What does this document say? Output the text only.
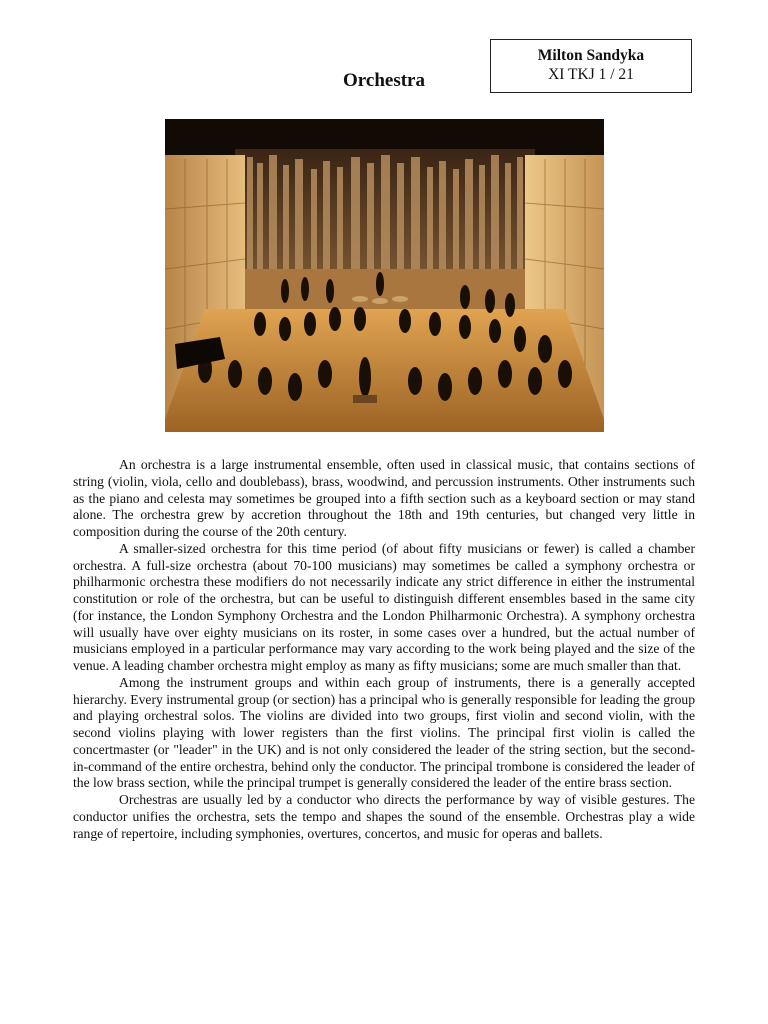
Milton Sandyka
XI TKJ 1 / 21
Orchestra

An orchestra is a large instrumental ensemble, often used in classical music, that contains sections of string (violin, viola, cello and doublebass), brass, woodwind, and percussion instruments. Other instruments such as the piano and celesta may sometimes be grouped into a fifth section such as a keyboard section or may stand alone. The orchestra grew by accretion throughout the 18th and 19th centuries, but changed very little in composition during the course of the 20th century.

A smaller-sized orchestra for this time period (of about fifty musicians or fewer) is called a chamber orchestra. A full-size orchestra (about 70-100 musicians) may sometimes be called a symphony orchestra or philharmonic orchestra these modifiers do not necessarily indicate any strict difference in either the instrumental constitution or role of the orchestra, but can be useful to distinguish different ensembles based in the same city (for instance, the London Symphony Orchestra and the London Philharmonic Orchestra). A symphony orchestra will usually have over eighty musicians on its roster, in some cases over a hundred, but the actual number of musicians employed in a particular performance may vary according to the work being played and the size of the venue. A leading chamber orchestra might employ as many as fifty musicians; some are much smaller than that.

Among the instrument groups and within each group of instruments, there is a generally accepted hierarchy. Every instrumental group (or section) has a principal who is generally responsible for leading the group and playing orchestral solos. The violins are divided into two groups, first violin and second violin, with the second violins playing with lower registers than the first violins. The principal first violin is called the concertmaster (or "leader" in the UK) and is not only considered the leader of the string section, but the second-in-command of the entire orchestra, behind only the conductor. The principal trombone is considered the leader of the low brass section, while the principal trumpet is generally considered the leader of the entire brass section.

Orchestras are usually led by a conductor who directs the performance by way of visible gestures. The conductor unifies the orchestra, sets the tempo and shapes the sound of the ensemble. Orchestras play a wide range of repertoire, including symphonies, overtures, concertos, and music for operas and ballets.
